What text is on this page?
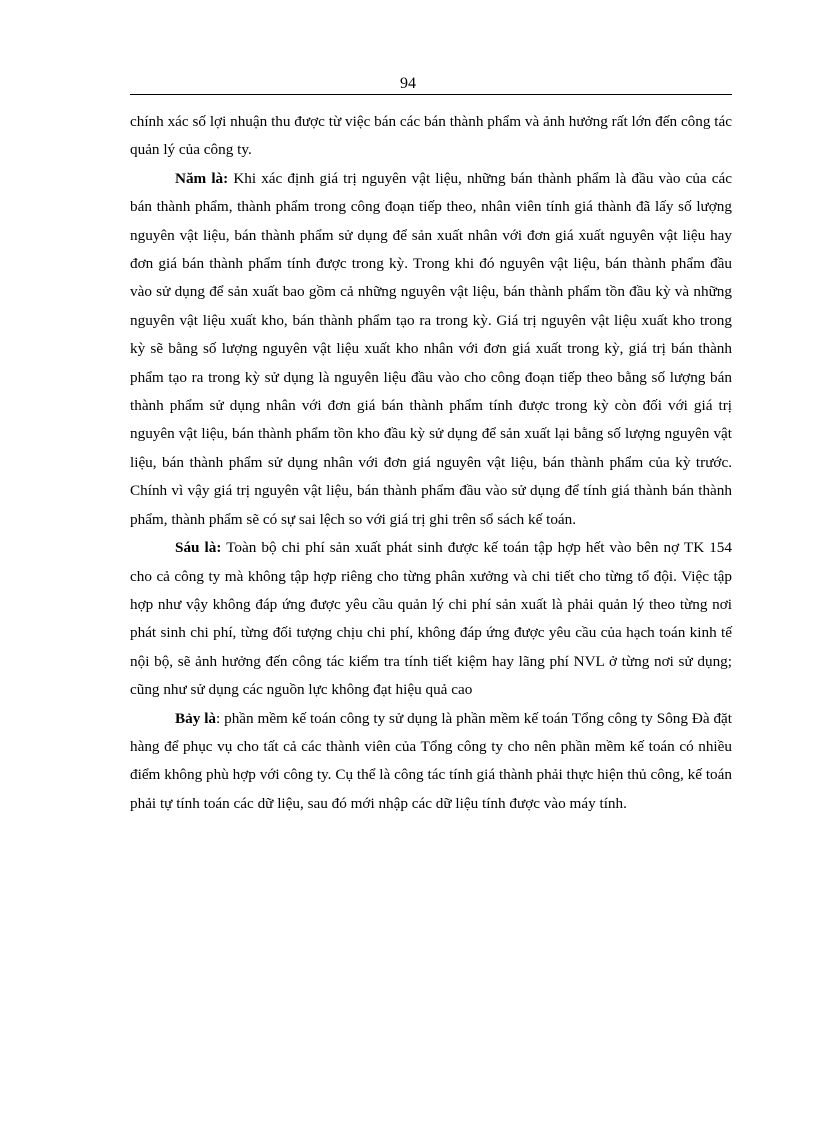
94

chính xác số lợi nhuận thu được từ việc bán các bán thành phẩm và ảnh hưởng rất lớn đến công tác quản lý của công ty.

Năm là: Khi xác định giá trị nguyên vật liệu, những bán thành phẩm là đầu vào của các bán thành phẩm, thành phẩm trong công đoạn tiếp theo, nhân viên tính giá thành đã lấy số lượng nguyên vật liệu, bán thành phẩm sử dụng để sản xuất nhân với đơn giá xuất nguyên vật liệu hay đơn giá bán thành phẩm tính được trong kỳ. Trong khi đó nguyên vật liệu, bán thành phẩm đầu vào sử dụng để sản xuất bao gồm cả những nguyên vật liệu, bán thành phẩm tồn đầu kỳ và những nguyên vật liệu xuất kho, bán thành phẩm tạo ra trong kỳ. Giá trị nguyên vật liệu xuất kho trong kỳ sẽ bằng số lượng nguyên vật liệu xuất kho nhân với đơn giá xuất trong kỳ, giá trị bán thành phẩm tạo ra trong kỳ sử dụng là nguyên liệu đầu vào cho công đoạn tiếp theo bằng số lượng bán thành phẩm sử dụng nhân với đơn giá bán thành phẩm tính được trong kỳ còn đối với giá trị nguyên vật liệu, bán thành phẩm tồn kho đầu kỳ sử dụng để sản xuất lại bằng số lượng nguyên vật liệu, bán thành phẩm sử dụng nhân với đơn giá nguyên vật liệu, bán thành phẩm của kỳ trước. Chính vì vậy giá trị nguyên vật liệu, bán thành phẩm đầu vào sử dụng để tính giá thành bán thành phẩm, thành phẩm sẽ có sự sai lệch so với giá trị ghi trên sổ sách kế toán.

Sáu là: Toàn bộ chi phí sản xuất phát sinh được kế toán tập hợp hết vào bên nợ TK 154 cho cả công ty mà không tập hợp riêng cho từng phân xưởng và chi tiết cho từng tổ đội. Việc tập hợp như vậy không đáp ứng được yêu cầu quản lý chi phí sản xuất là phải quản lý theo từng nơi phát sinh chi phí, từng đối tượng chịu chi phí, không đáp ứng được yêu cầu của hạch toán kinh tế nội bộ, sẽ ảnh hưởng đến công tác kiểm tra tính tiết kiệm hay lãng phí NVL ở từng nơi sử dụng; cũng như sử dụng các nguồn lực không đạt hiệu quả cao

Bảy là: phần mềm kế toán công ty sử dụng là phần mềm kế toán Tổng công ty Sông Đà đặt hàng để phục vụ cho tất cả các thành viên của Tổng công ty cho nên phần mềm kế toán có nhiều điểm không phù hợp với công ty. Cụ thể là công tác tính giá thành phải thực hiện thủ công, kế toán phải tự tính toán các dữ liệu, sau đó mới nhập các dữ liệu tính được vào máy tính.
